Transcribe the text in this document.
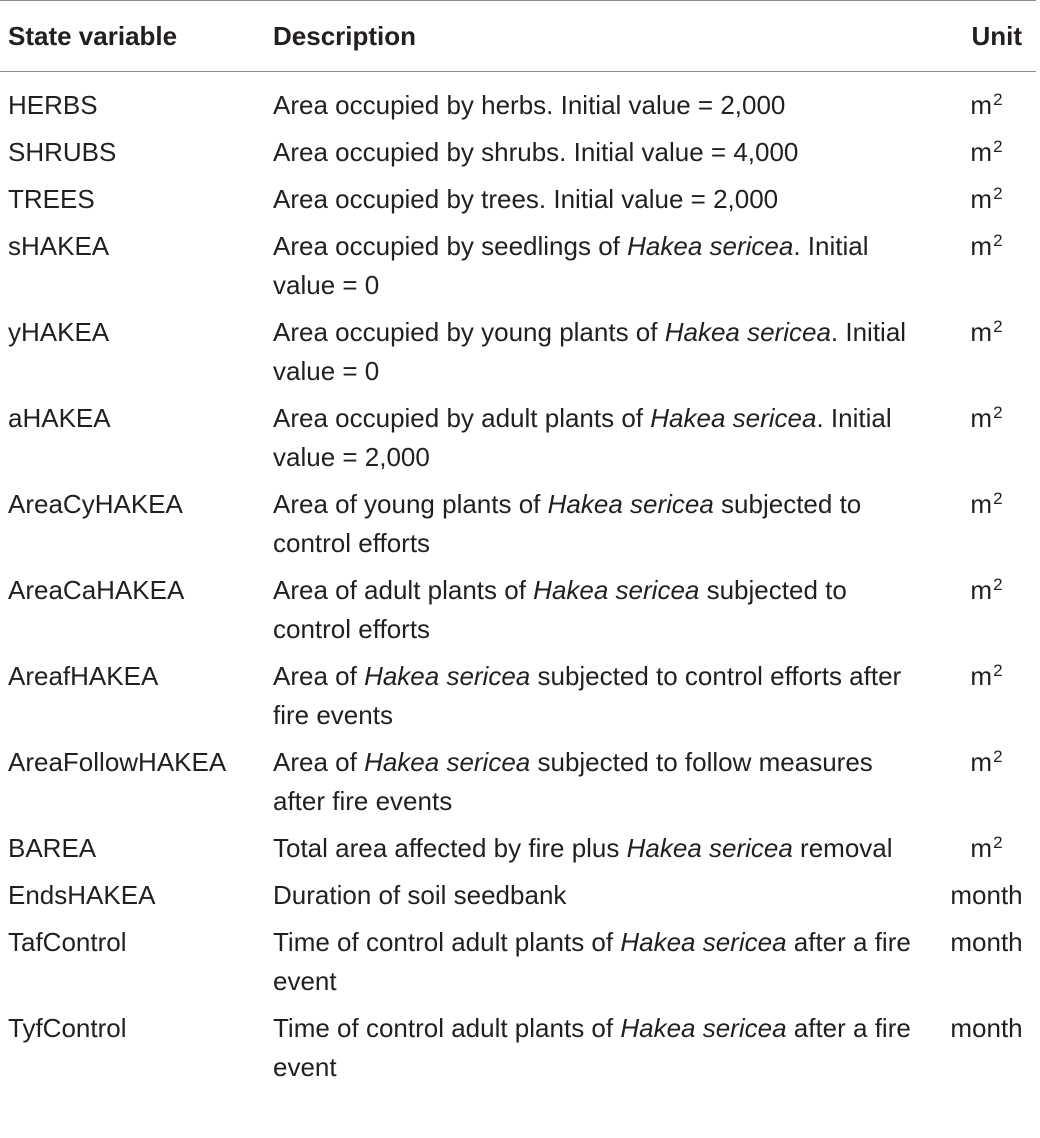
State variable	Description	Unit
HERBS	Area occupied by herbs. Initial value = 2,000	$m^2$
SHRUBS	Area occupied by shrubs. Initial value = 4,000	$m^2$
TREES	Area occupied by trees. Initial value = 2,000	$m^2$
sHAKEA	Area occupied by seedlings of Hakea sericea. Initial value = 0	$m^2$
yHAKEA	Area occupied by young plants of Hakea sericea. Initial value = 0	$m^2$
aHAKEA	Area occupied by adult plants of Hakea sericea. Initial value = 2,000	$m^2$
AreaCyHAKEA	Area of young plants of Hakea sericea subjected to control efforts	$m^2$
AreaCaHAKEA	Area of adult plants of Hakea sericea subjected to control efforts	$m^2$
AreafHAKEA	Area of Hakea sericea subjected to control efforts after fire events	$m^2$
AreaFollowHAKEA	Area of Hakea sericea subjected to follow measures after fire events	$m^2$
BAREA	Total area affected by fire plus Hakea sericea removal	$m^2$
EndsHAKEA	Duration of soil seedbank	month
TafControl	Time of control adult plants of Hakea sericea after a fire event	month
TyfControl	Time of control adult plants of Hakea sericea after a fire event	month
